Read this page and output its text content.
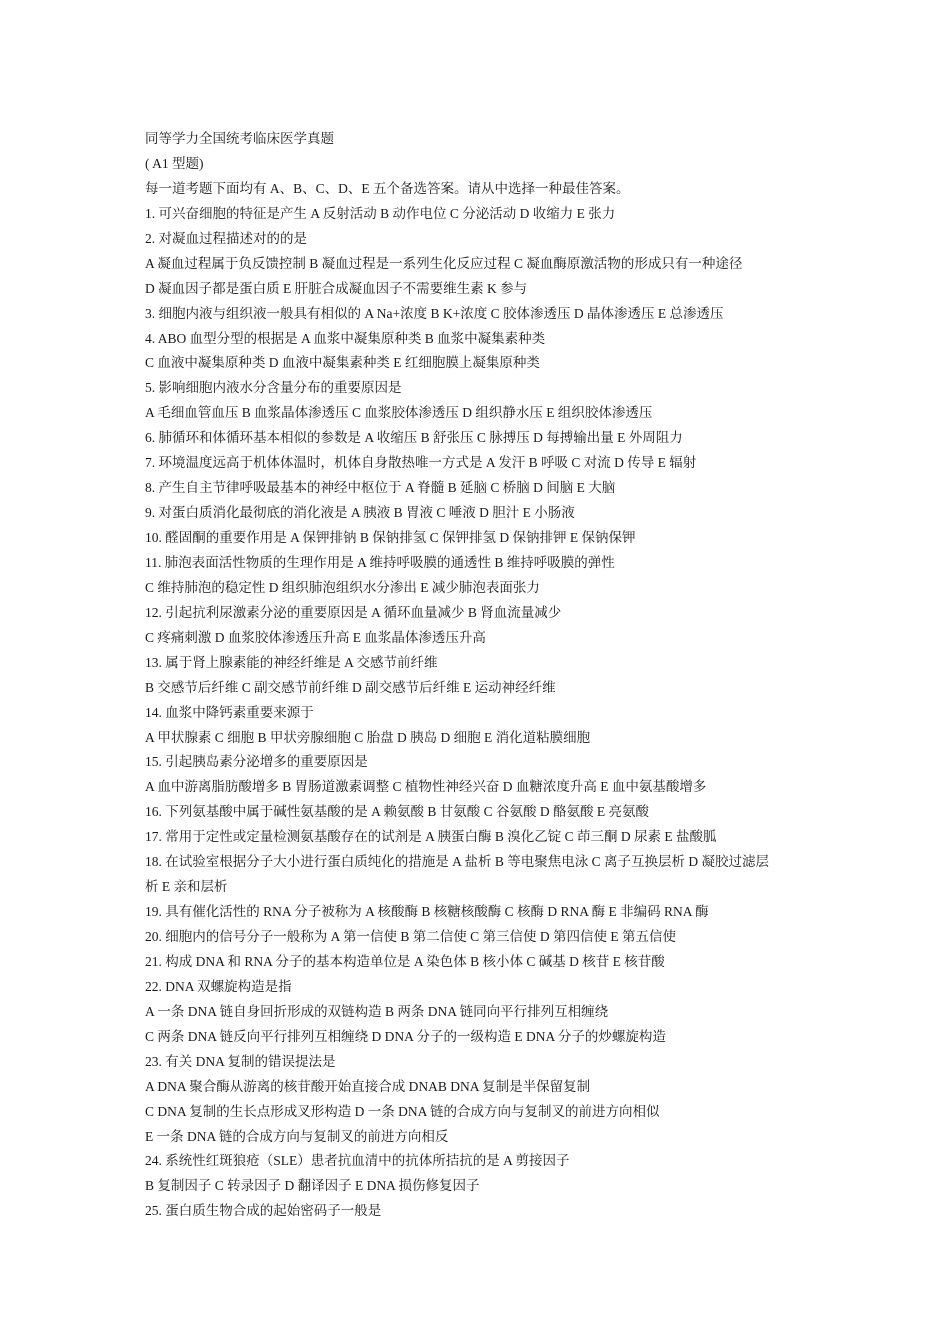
同等学力全国统考临床医学真题
( A1 型题)
每一道考题下面均有 A、B、C、D、E 五个备选答案。请从中选择一种最佳答案。
1. 可兴奋细胞的特征是产生 A 反射活动 B 动作电位 C 分泌活动 D 收缩力 E 张力
2. 对凝血过程描述对的的是
A 凝血过程属于负反馈控制 B 凝血过程是一系列生化反应过程 C 凝血酶原激活物的形成只有一种途径
D 凝血因子都是蛋白质 E 肝脏合成凝血因子不需要维生素 K 参与
3. 细胞内液与组织液一般具有相似的 A Na+浓度 B K+浓度 C 胶体渗透压 D 晶体渗透压 E 总渗透压
4. ABO 血型分型的根据是 A 血浆中凝集原种类 B 血浆中凝集素种类
C 血液中凝集原种类 D 血液中凝集素种类 E 红细胞膜上凝集原种类
5. 影响细胞内液水分含量分布的重要原因是
A 毛细血管血压 B 血浆晶体渗透压 C 血浆胶体渗透压 D 组织静水压 E 组织胶体渗透压
6. 肺循环和体循环基本相似的参数是 A 收缩压 B 舒张压 C 脉搏压 D 每搏输出量 E 外周阻力
7. 环境温度远高于机体体温时，机体自身散热唯一方式是 A 发汗 B 呼吸 C 对流 D 传导 E 辐射
8. 产生自主节律呼吸最基本的神经中枢位于 A 脊髓 B 延脑 C 桥脑 D 间脑 E 大脑
9. 对蛋白质消化最彻底的消化液是 A 胰液 B 胃液 C 唾液 D 胆汁 E 小肠液
10. 醛固酮的重要作用是 A 保钾排钠 B 保钠排氢 C 保钾排氢 D 保钠排钾 E 保钠保钾
11. 肺泡表面活性物质的生理作用是 A 维持呼吸膜的通透性 B 维持呼吸膜的弹性
C 维持肺泡的稳定性 D 组织肺泡组织水分渗出 E 减少肺泡表面张力
12. 引起抗利尿激素分泌的重要原因是 A 循环血量减少 B 肾血流量减少
C 疼痛刺激 D 血浆胶体渗透压升高 E 血浆晶体渗透压升高
13. 属于肾上腺素能的神经纤维是 A 交感节前纤维
B 交感节后纤维 C 副交感节前纤维 D 副交感节后纤维 E 运动神经纤维
14. 血浆中降钙素重要来源于
A 甲状腺素 C 细胞 B 甲状旁腺细胞 C 胎盘 D 胰岛 D 细胞 E 消化道粘膜细胞
15. 引起胰岛素分泌增多的重要原因是
A 血中游离脂肪酸增多 B 胃肠道激素调整 C 植物性神经兴奋 D 血糖浓度升高 E 血中氨基酸增多
16. 下列氨基酸中属于碱性氨基酸的是 A 赖氨酸 B 甘氨酸 C 谷氨酸 D 酪氨酸 E 亮氨酸
17. 常用于定性或定量检测氨基酸存在的试剂是 A 胰蛋白酶 B 溴化乙锭 C 茚三酮 D 尿素 E 盐酸胍
18. 在试验室根据分子大小进行蛋白质纯化的措施是 A 盐析 B 等电聚焦电泳 C 离子互换层析 D 凝胶过滤层
析 E 亲和层析
19. 具有催化活性的 RNA 分子被称为 A 核酸酶 B 核糖核酸酶 C 核酶 D RNA 酶 E 非编码 RNA 酶
20. 细胞内的信号分子一般称为 A 第一信使 B 第二信使 C 第三信使 D 第四信使 E 第五信使
21. 构成 DNA 和 RNA 分子的基本构造单位是 A 染色体 B 核小体 C 碱基 D 核苷 E 核苷酸
22. DNA 双螺旋构造是指
A 一条 DNA 链自身回折形成的双链构造 B 两条 DNA 链同向平行排列互相缠绕
C 两条 DNA 链反向平行排列互相缠绕 D DNA 分子的一级构造 E DNA 分子的炒螺旋构造
23. 有关 DNA 复制的错误提法是
A DNA 聚合酶从游离的核苷酸开始直接合成 DNAB DNA 复制是半保留复制
C DNA 复制的生长点形成叉形构造 D 一条 DNA 链的合成方向与复制叉的前进方向相似
E 一条 DNA 链的合成方向与复制叉的前进方向相反
24. 系统性红斑狼疮（SLE）患者抗血清中的抗体所拮抗的是 A 剪接因子
B 复制因子 C 转录因子 D 翻译因子 E DNA 损伤修复因子
25. 蛋白质生物合成的起始密码子一般是
